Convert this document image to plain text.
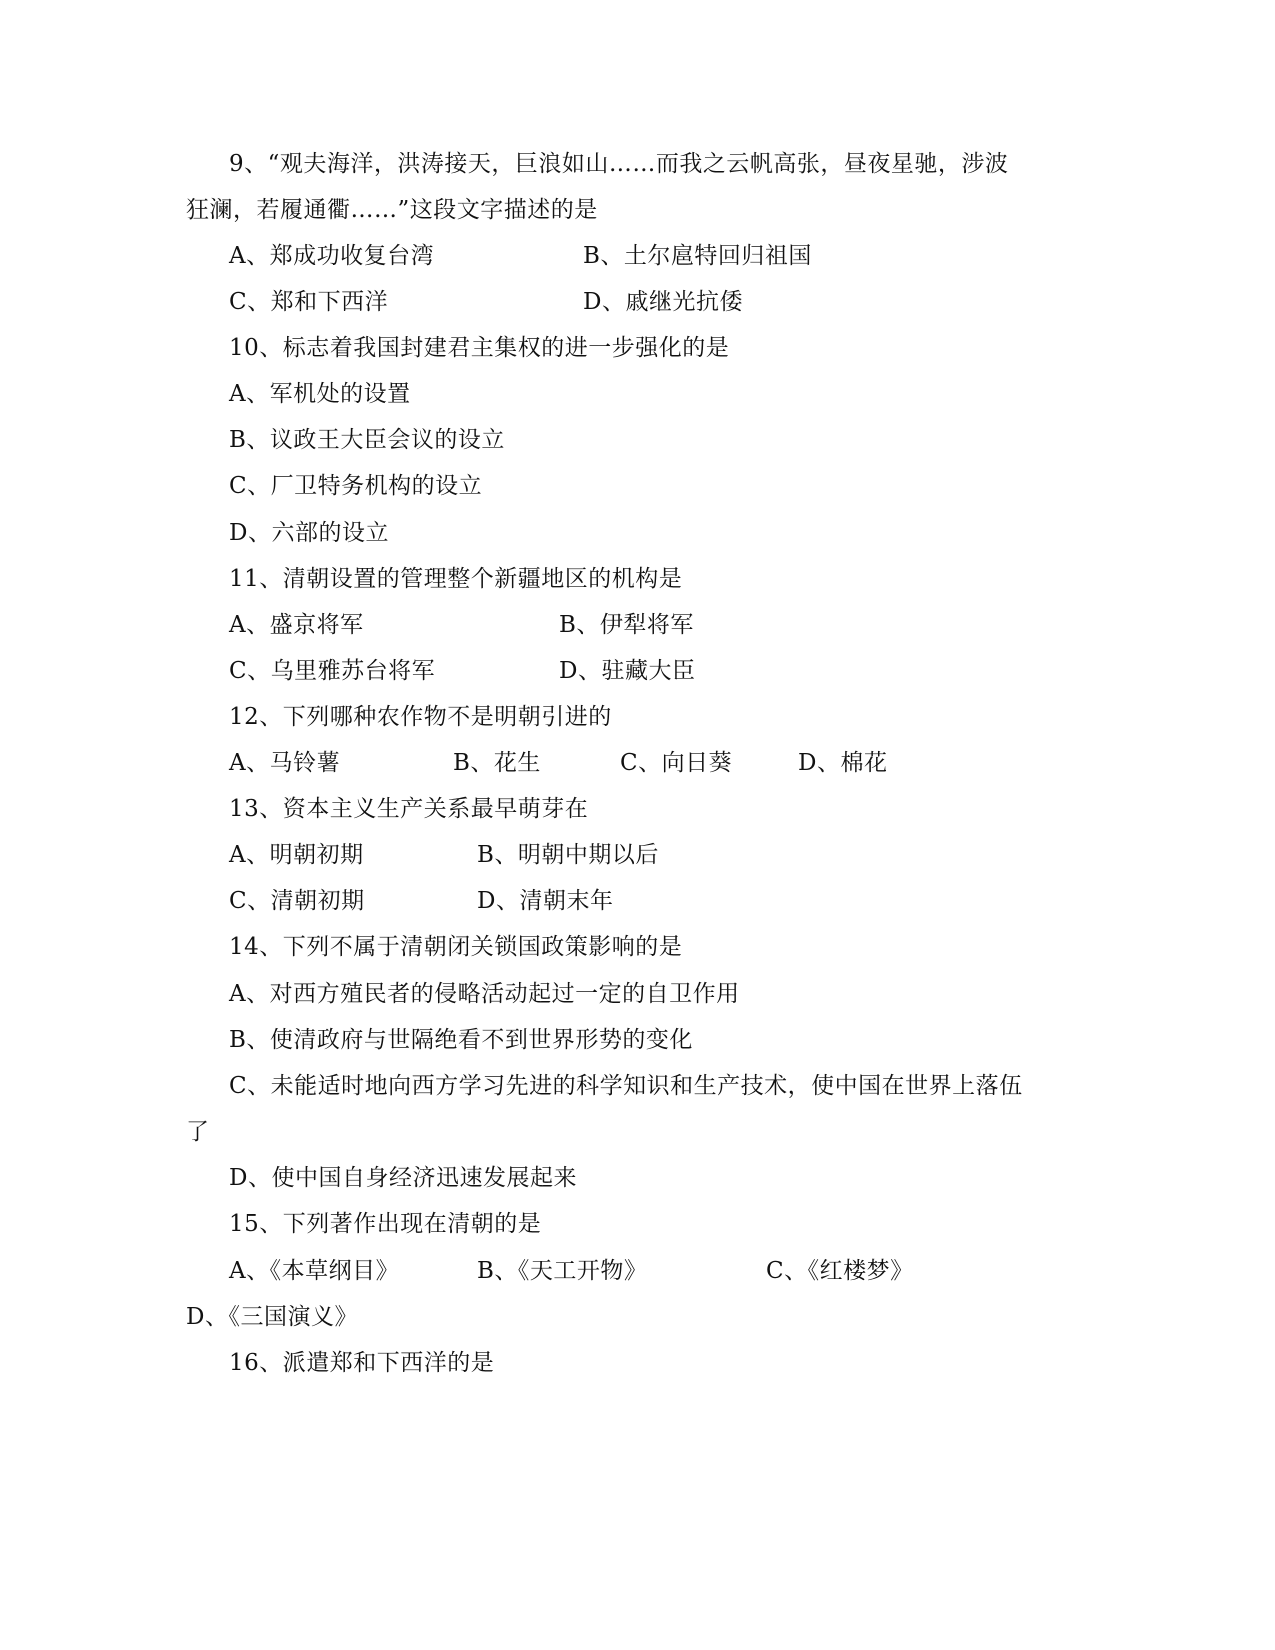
9、“观夫海洋，洪涛接天，巨浪如山……而我之云帆高张，昼夜星驰，涉波
狂澜，若履通衢……”这段文字描述的是
A、郑成功收复台湾	B、土尔扈特回归祖国
C、郑和下西洋	D、戚继光抗倭
10、标志着我国封建君主集权的进一步强化的是
A、军机处的设置
B、议政王大臣会议的设立
C、厂卫特务机构的设立
D、六部的设立
11、清朝设置的管理整个新疆地区的机构是
A、盛京将军	B、伊犁将军
C、乌里雅苏台将军	D、驻藏大臣
12、下列哪种农作物不是明朝引进的
A、马铃薯	B、花生	C、向日葵	D、棉花
13、资本主义生产关系最早萌芽在
A、明朝初期	B、明朝中期以后
C、清朝初期	D、清朝末年
14、下列不属于清朝闭关锁国政策影响的是
A、对西方殖民者的侵略活动起过一定的自卫作用
B、使清政府与世隔绝看不到世界形势的变化
C、未能适时地向西方学习先进的科学知识和生产技术，使中国在世界上落伍
了
D、使中国自身经济迅速发展起来
15、下列著作出现在清朝的是
A、《本草纲目》	B、《天工开物》	C、《红楼梦》
D、《三国演义》
16、派遣郑和下西洋的是
